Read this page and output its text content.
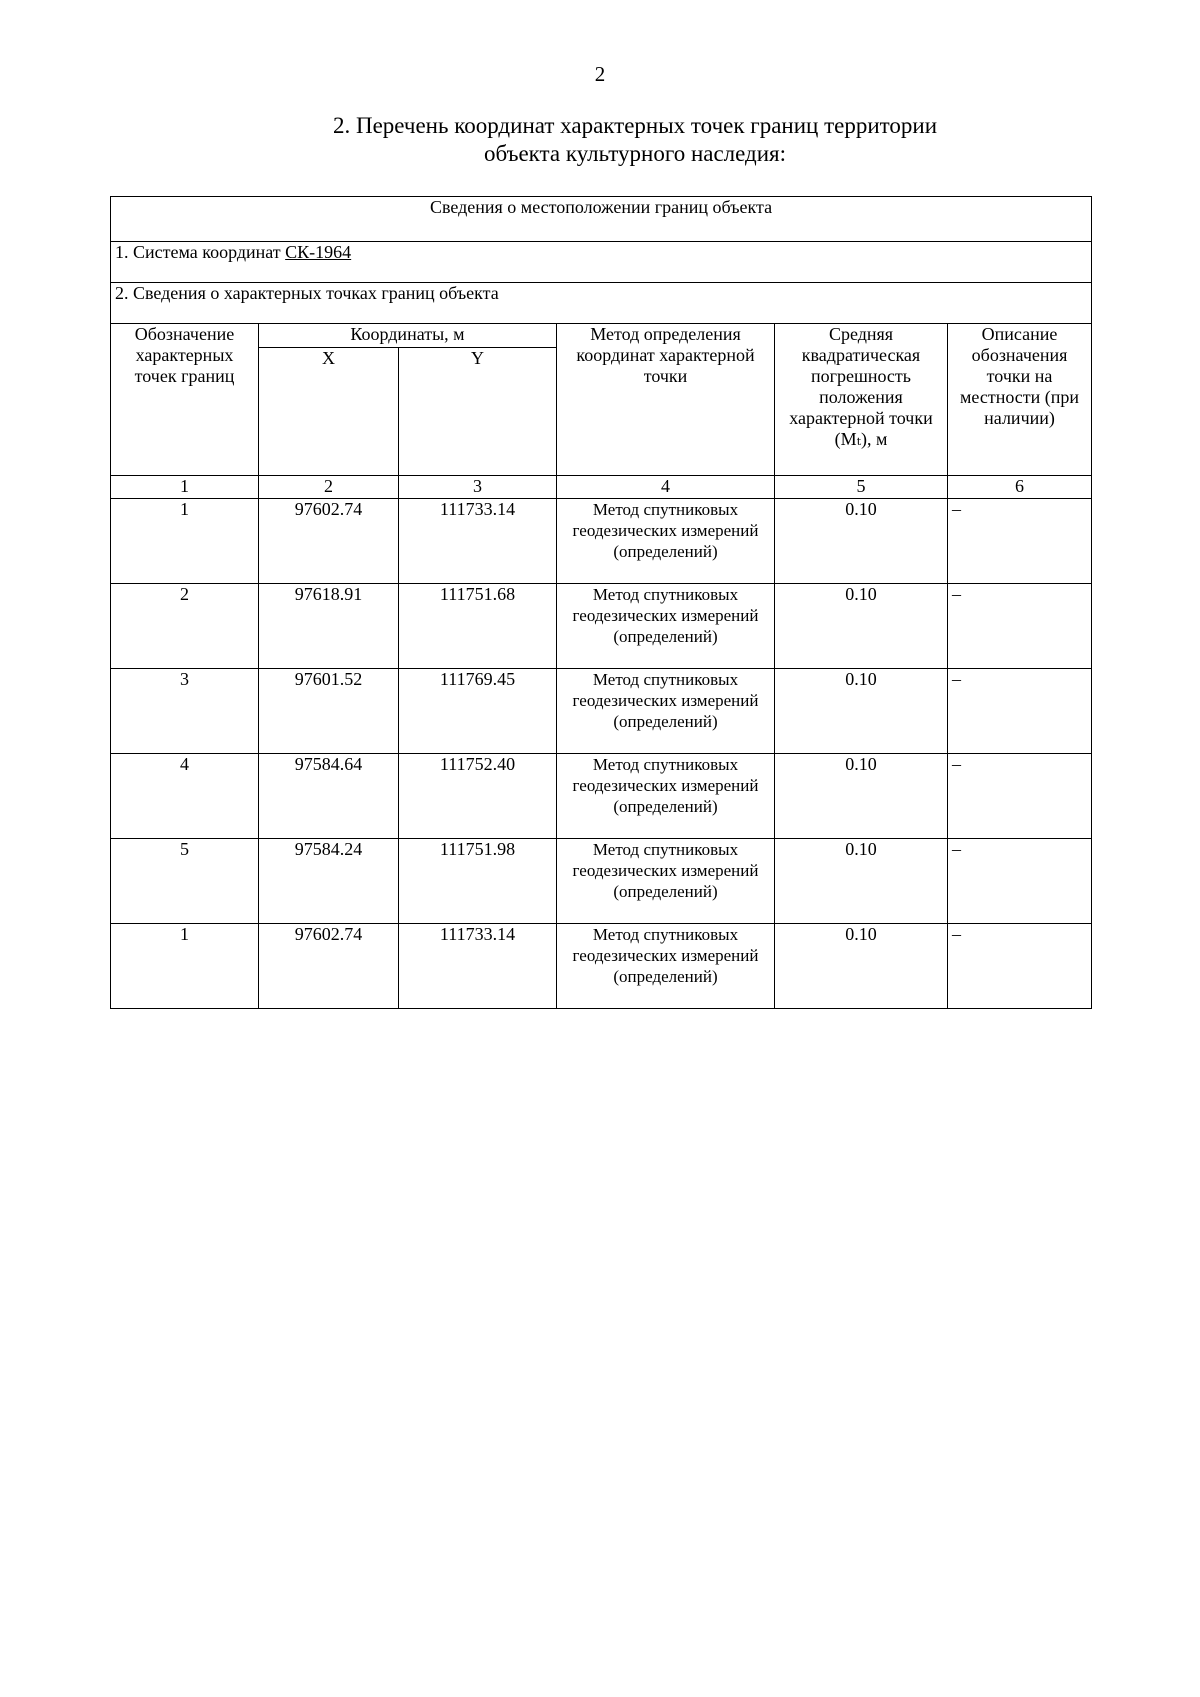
2
2. Перечень координат характерных точек границ территории
объекта культурного наследия:
Сведения о местоположении границ объекта					
1. Система координат СК-1964					
2. Сведения о характерных точках границ объекта					
Обозначение характерных точек границ	Координаты, м		Метод определения координат характерной точки	Средняя квадратическая погрешность положения характерной точки (Mₜ), м	Описание обозначения точки на местности (при наличии)
	X	Y			
1	2	3	4	5	6
1	97602.74	111733.14	Метод спутниковых геодезических измерений (определений)	0.10	–
2	97618.91	111751.68	Метод спутниковых геодезических измерений (определений)	0.10	–
3	97601.52	111769.45	Метод спутниковых геодезических измерений (определений)	0.10	–
4	97584.64	111752.40	Метод спутниковых геодезических измерений (определений)	0.10	–
5	97584.24	111751.98	Метод спутниковых геодезических измерений (определений)	0.10	–
1	97602.74	111733.14	Метод спутниковых геодезических измерений (определений)	0.10	–
